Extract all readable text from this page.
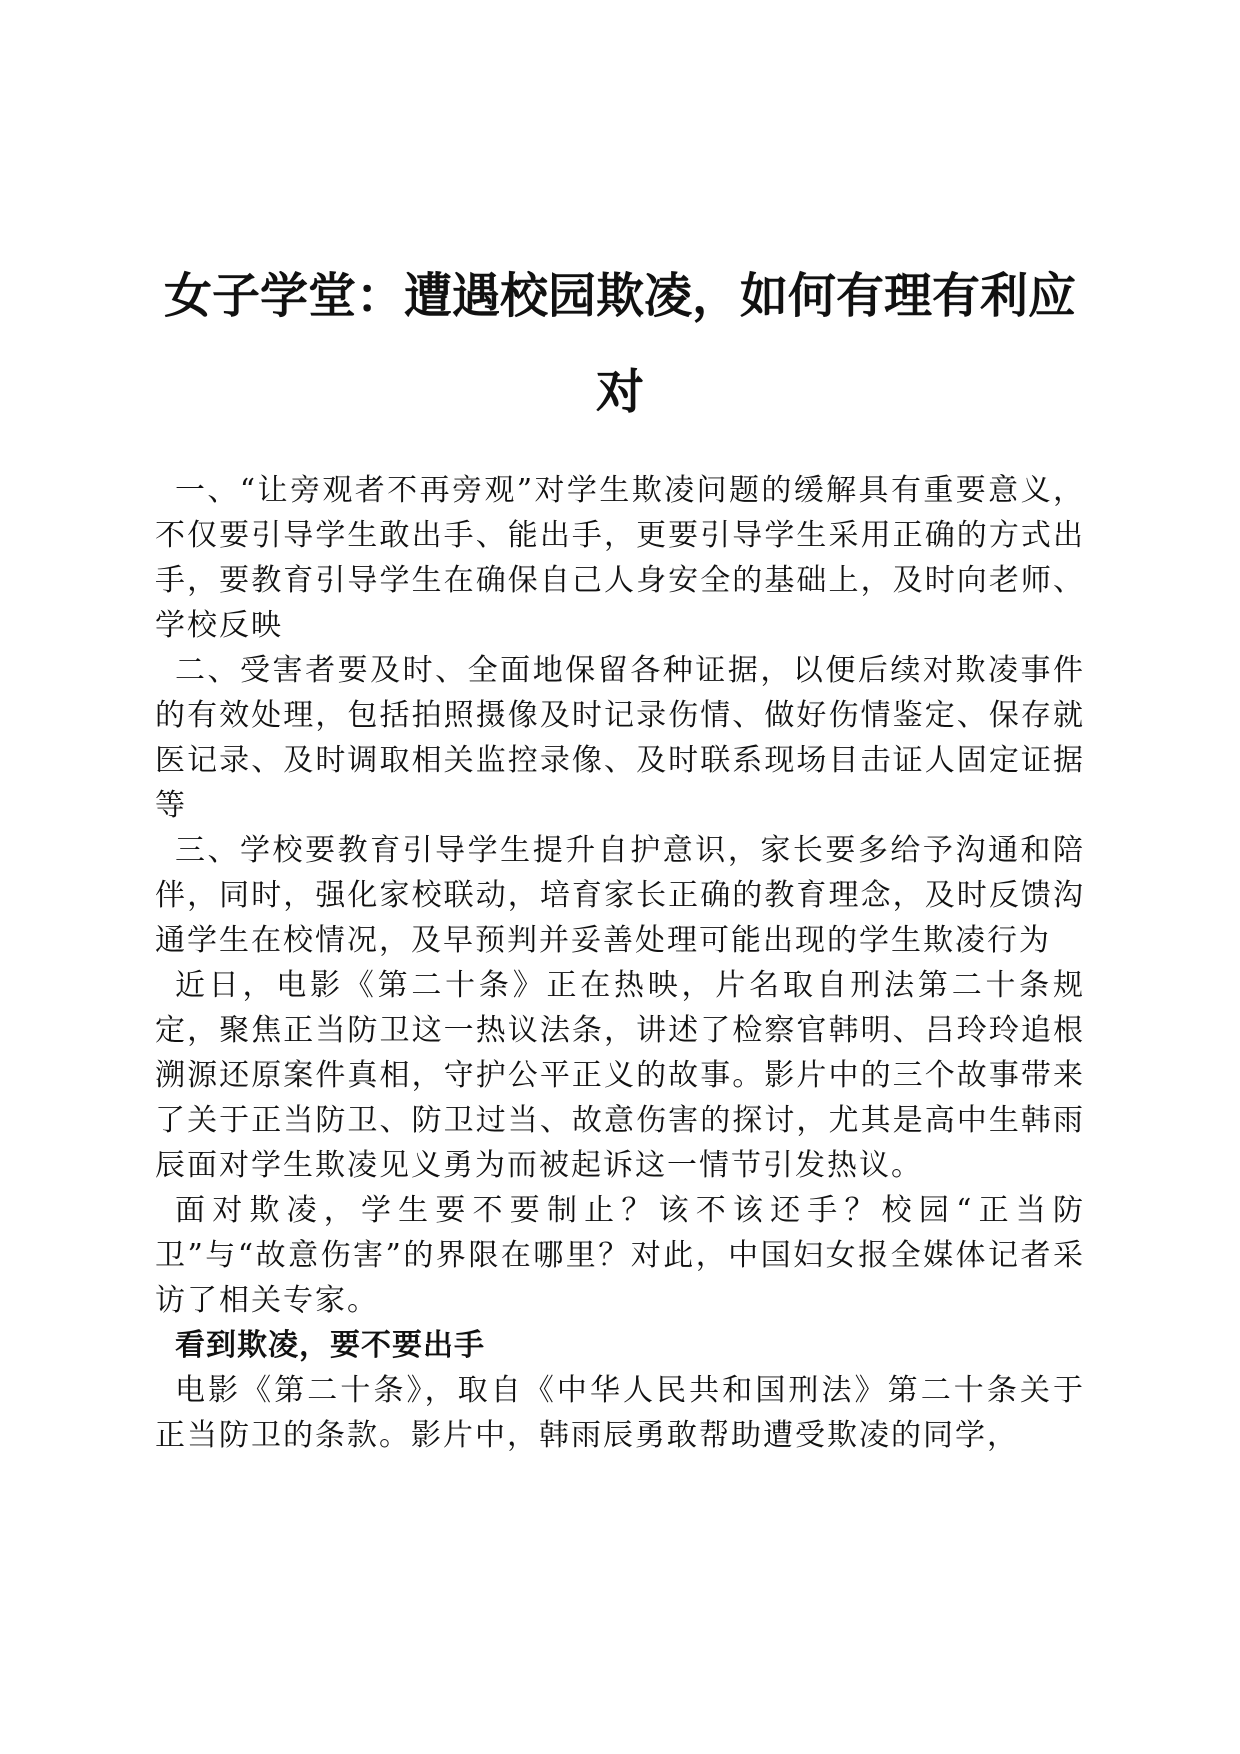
女子学堂：遭遇校园欺凌，如何有理有利应对

一、“让旁观者不再旁观”对学生欺凌问题的缓解具有重要意义，不仅要引导学生敢出手、能出手，更要引导学生采用正确的方式出手，要教育引导学生在确保自己人身安全的基础上，及时向老师、学校反映

二、受害者要及时、全面地保留各种证据，以便后续对欺凌事件的有效处理，包括拍照摄像及时记录伤情、做好伤情鉴定、保存就医记录、及时调取相关监控录像、及时联系现场目击证人固定证据等

三、学校要教育引导学生提升自护意识，家长要多给予沟通和陪伴，同时，强化家校联动，培育家长正确的教育理念，及时反馈沟通学生在校情况，及早预判并妥善处理可能出现的学生欺凌行为

近日，电影《第二十条》正在热映，片名取自刑法第二十条规定，聚焦正当防卫这一热议法条，讲述了检察官韩明、吕玲玲追根溯源还原案件真相，守护公平正义的故事。影片中的三个故事带来了关于正当防卫、防卫过当、故意伤害的探讨，尤其是高中生韩雨辰面对学生欺凌见义勇为而被起诉这一情节引发热议。

面对欺凌，学生要不要制止？该不该还手？校园“正当防卫”与“故意伤害”的界限在哪里？对此，中国妇女报全媒体记者采访了相关专家。

看到欺凌，要不要出手

电影《第二十条》，取自《中华人民共和国刑法》第二十条关于正当防卫的条款。影片中，韩雨辰勇敢帮助遭受欺凌的同学，
